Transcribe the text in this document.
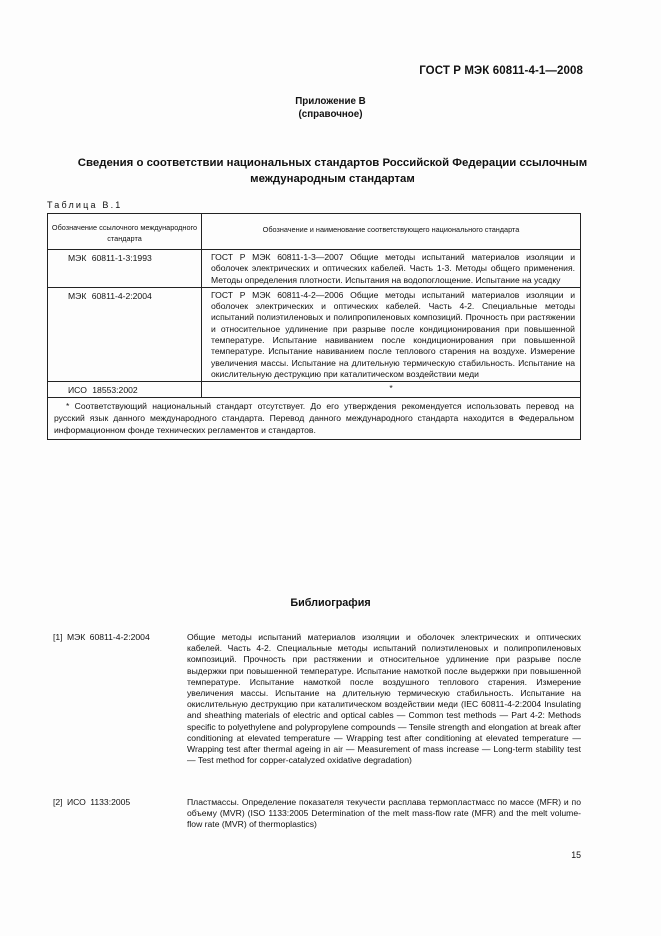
ГОСТ Р МЭК 60811-4-1—2008
Приложение В
(справочное)
Сведения о соответствии национальных стандартов Российской Федерации ссылочным международным стандартам
Таблица В.1
Обозначение ссылочного международного стандарта	Обозначение и наименование соответствующего национального стандарта
МЭК 60811-1-3:1993	ГОСТ Р МЭК 60811-1-3—2007 Общие методы испытаний материалов изоляции и оболочек электрических и оптических кабелей. Часть 1-3. Методы общего применения. Методы определения плотности. Испытания на водопоглощение. Испытание на усадку
МЭК 60811-4-2:2004	ГОСТ Р МЭК 60811-4-2—2006 Общие методы испытаний материалов изоляции и оболочек электрических и оптических кабелей. Часть 4-2. Специальные методы испытаний полиэтиленовых и полипропиленовых композиций. Прочность при растяжении и относительное удлинение при разрыве после кондиционирования при повышенной температуре. Испытание навиванием после кондиционирования при повышенной температуре. Испытание навиванием после теплового старения на воздухе. Измерение увеличения массы. Испытание на длительную термическую стабильность. Испытание на окислительную деструкцию при каталитическом воздействии меди
ИСО 18553:2002	*
* Соответствующий национальный стандарт отсутствует. До его утверждения рекомендуется использовать перевод на русский язык данного международного стандарта. Перевод данного международного стандарта находится в Федеральном информационном фонде технических регламентов и стандартов.	
Библиография
[1] МЭК 60811-4-2:2004	Общие методы испытаний материалов изоляции и оболочек электрических и оптических кабелей. Часть 4-2. Специальные методы испытаний полиэтиленовых и полипропиленовых композиций. Прочность при растяжении и относительное удлинение при разрыве после выдержки при повышенной температуре. Испытание намоткой после выдержки при повышенной температуре. Испытание намоткой после воздушного теплового старения. Измерение увеличения массы. Испытание на длительную термическую стабильность. Испытание на окислительную деструкцию при каталитическом воздействии меди (IEC 60811-4-2:2004 Insulating and sheathing materials of electric and optical cables — Common test methods — Part 4-2: Methods specific to polyethylene and polypropylene compounds — Tensile strength and elongation at break after conditioning at elevated temperature — Wrapping test after conditioning at elevated temperature — Wrapping test after thermal ageing in air — Measurement of mass increase — Long-term stability test — Test method for copper-catalyzed oxidative degradation)
[2] ИСО 1133:2005	Пластмассы. Определение показателя текучести расплава термопластмасс по массе (MFR) и по объему (MVR) (ISO 1133:2005 Determination of the melt mass-flow rate (MFR) and the melt volume-flow rate (MVR) of thermoplastics)
15
